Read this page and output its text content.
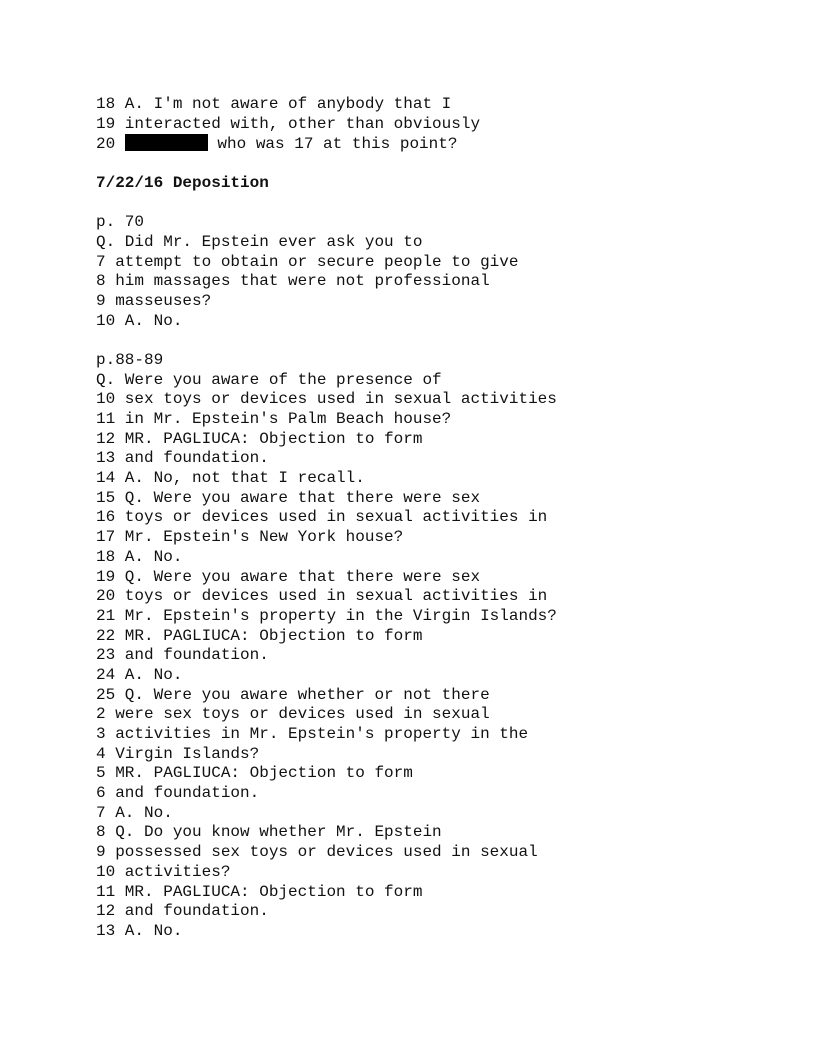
18 A. I'm not aware of anybody that I
19 interacted with, other than obviously
20	who was 17 at this point?
7/22/16 Deposition
p. 70
Q. Did Mr. Epstein ever ask you to
7 attempt to obtain or secure people to give
8 him massages that were not professional
9 masseuses?
10 A. No.
p.88-89
Q. Were you aware of the presence of
10 sex toys or devices used in sexual activities
11 in Mr. Epstein's Palm Beach house?
12 MR. PAGLIUCA: Objection to form
13 and foundation.
14 A. No, not that I recall.
15 Q. Were you aware that there were sex
16 toys or devices used in sexual activities in
17 Mr. Epstein's New York house?
18 A. No.
19 Q. Were you aware that there were sex
20 toys or devices used in sexual activities in
21 Mr. Epstein's property in the Virgin Islands?
22 MR. PAGLIUCA: Objection to form
23 and foundation.
24 A. No.
25 Q. Were you aware whether or not there
2 were sex toys or devices used in sexual
3 activities in Mr. Epstein's property in the
4 Virgin Islands?
5 MR. PAGLIUCA: Objection to form
6 and foundation.
7 A. No.
8 Q. Do you know whether Mr. Epstein
9 possessed sex toys or devices used in sexual
10 activities?
11 MR. PAGLIUCA: Objection to form
12 and foundation.
13 A. No.
